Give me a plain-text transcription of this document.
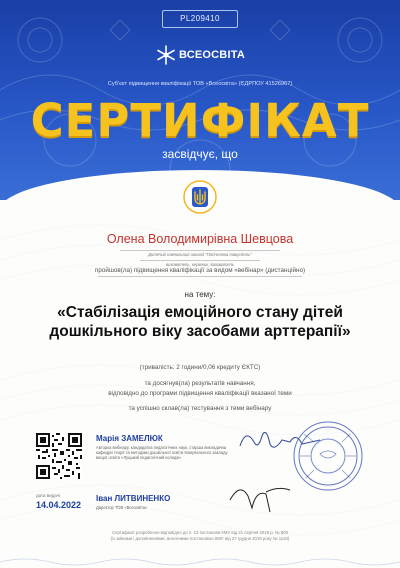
PL209410
ВСЕОСВІТА
Суб’єкт підвищення кваліфікації ТОВ «Всеосвіта» (ЄДРПОУ 41526967)
СЕРТИФІКАТ
засвідчує, що
Олена Володимирівна Шевцова
Дитячий навчальний заклад "Пасічнянка творчість"
вихователь, керівник, вихователь
пройшов(ла) підвищення кваліфікації за видом «вебінар» (дистанційно)
на тему:
«Стабілізація емоційного стану дітей дошкільного віку засобами арттерапії»
(тривалість: 2 години/0,06 кредиту ЄКТС)
та досягнув(ла) результатів навчання,
відповідно до програми підвищення кваліфікації вказаної теми
та успішно склав(ла) тестування з теми вебінару
дата видачі
14.04.2022
Марія ЗАМЕЛЮК
Авторка вебінару, кандидатка педагогічних наук, старша викладачка кафедри теорії та методики дошкільної освіти Комунального закладу вищої освіти «Луцький педагогічний коледж»
Іван ЛИТВИНЕНКО
Директор ТОВ «Всеосвіта»
Сертифікат розроблено відповідно до п. 13 постанови КМУ від 21 серпня 2019 р. № 800
(із змінами і доповненнями, внесеними постановою КМУ від 27 грудня 2019 року № 1133)
